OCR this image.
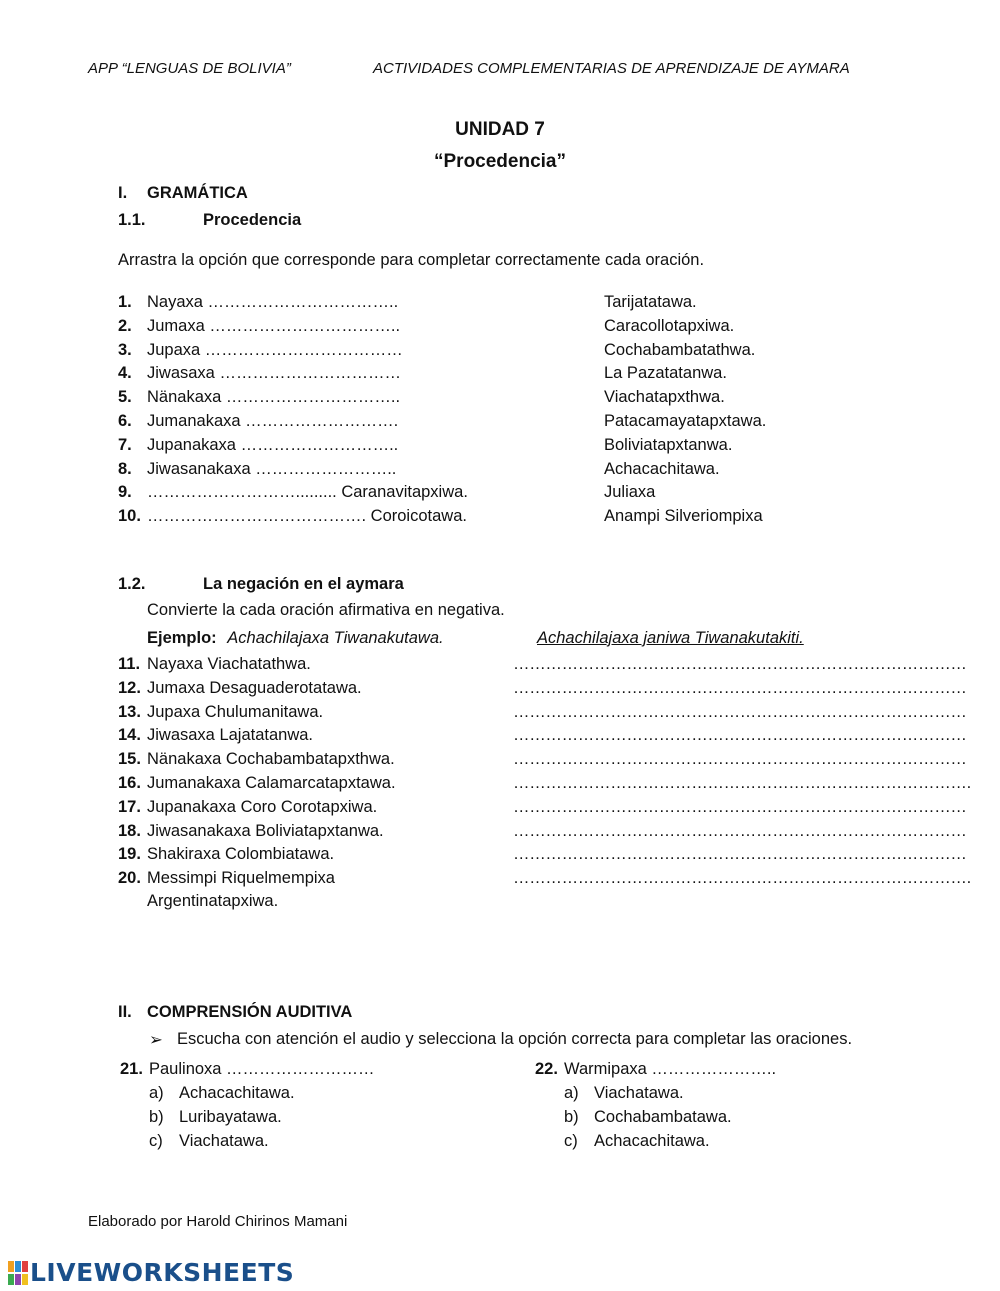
APP “LENGUAS DE BOLIVIA”	ACTIVIDADES COMPLEMENTARIAS DE APRENDIZAJE DE AYMARA
UNIDAD 7
“Procedencia”
I. GRAMÁTICA
1.1.	Procedencia
Arrastra la opción que corresponde para completar correctamente cada oración.
1. Nayaxa ……………………………..	Tarijatatawa.
2. Jumaxa ……………………………..	Caracollotapxiwa.
3. Jupaxa ………………………………	Cochabambatathwa.
4. Jiwasaxa ……………………………	La Pazatatanwa.
5. Nänakaxa …………………………..	Viachatapxthwa.
6. Jumanakaxa ……………………….	Patacamayatapxtawa.
7. Jupanakaxa ………………………..	Boliviatapxtanwa.
8. Jiwasanakaxa ……………………..	Achacachitawa.
9. ………………………......... Caranavitapxiwa.	Juliaxa
10. …………………………………. Coroicotawa.	Anampi Silveriompixa
1.2.	La negación en el aymara
Convierte la cada oración afirmativa en negativa.
Ejemplo: Achachilajaxa Tiwanakutawa.	Achachilajaxa janiwa Tiwanakutakiti.
11. Nayaxa Viachatathwa.	…………………………………………………………………………
12. Jumaxa Desaguaderotatawa.	…………………………………………………………………………
13. Jupaxa Chulumanitawa.	…………………………………………………………………………
14. Jiwasaxa Lajatatanwa.	…………………………………………………………………………
15. Nänakaxa Cochabambatapxthwa.	…………………………………………………………………………
16. Jumanakaxa Calamarcatapxtawa.	………………………………………………………………………….
17. Jupanakaxa Coro Corotapxiwa.	…………………………………………………………………………
18. Jiwasanakaxa Boliviatapxtanwa.	…………………………………………………………………………
19. Shakiraxa Colombiatawa.	…………………………………………………………………………
20. Messimpi Riquelmempixa	………………………………………………………………………….
Argentinatapxiwa.
II. COMPRENSIÓN AUDITIVA
➢ Escucha con atención el audio y selecciona la opción correcta para completar las oraciones.
21. Paulinoxa ………………………
a) Achacachitawa.
b) Luribayatawa.
c) Viachatawa.
22. Warmipaxa …………………..
a) Viachatawa.
b) Cochabambatawa.
c) Achacachitawa.
Elaborado por Harold Chirinos Mamani
LIVEWORKSHEETS
